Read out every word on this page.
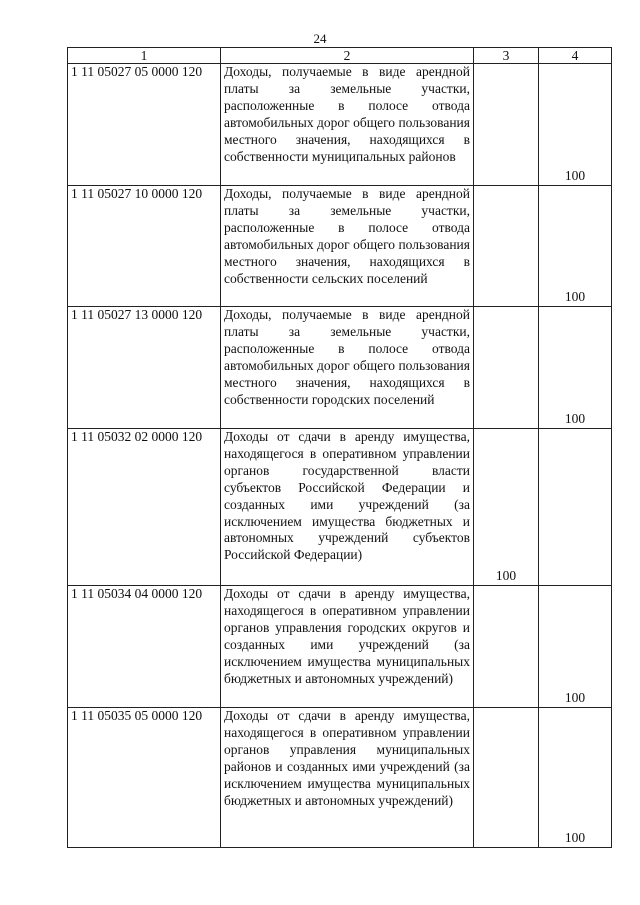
24
1	2	3	4
1 11 05027 05 0000 120	Доходы, получаемые в виде арендной платы за земельные участки, расположенные в полосе отвода автомобильных дорог общего пользования местного значения, находящихся в собственности муниципальных районов		100
1 11 05027 10 0000 120	Доходы, получаемые в виде арендной платы за земельные участки, расположенные в полосе отвода автомобильных дорог общего пользования местного значения, находящихся в собственности сельских поселений		100
1 11 05027 13 0000 120	Доходы, получаемые в виде арендной платы за земельные участки, расположенные в полосе отвода автомобильных дорог общего пользования местного значения, находящихся в собственности городских поселений		100
1 11 05032 02 0000 120	Доходы от сдачи в аренду имущества, находящегося в оперативном управлении органов государственной власти субъектов Российской Федерации и созданных ими учреждений (за исключением имущества бюджетных и автономных учреждений субъектов Российской Федерации)	100	
1 11 05034 04 0000 120	Доходы от сдачи в аренду имущества, находящегося в оперативном управлении органов управления городских округов и созданных ими учреждений (за исключением имущества муниципальных бюджетных и автономных учреждений)		100
1 11 05035 05 0000 120	Доходы от сдачи в аренду имущества, находящегося в оперативном управлении органов управления муниципальных районов и созданных ими учреждений (за исключением имущества муниципальных бюджетных и автономных учреждений)		100
